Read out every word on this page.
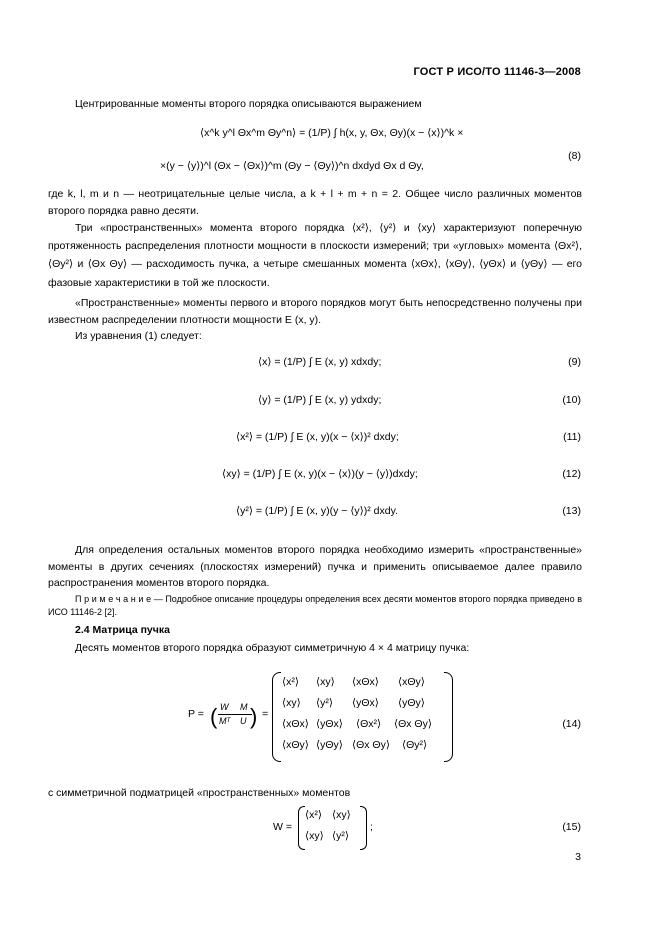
ГОСТ Р ИСО/ТО 11146-3—2008
Центрированные моменты второго порядка описываются выражением
⟨x^k y^l Θx^m Θy^n⟩ = (1/P) ∫ h(x, y, Θx, Θy)(x − ⟨x⟩)^k ×
×(y − ⟨y⟩)^l (Θx − ⟨Θx⟩)^m (Θy − ⟨Θy⟩)^n dxdyd Θx d Θy,
(8)
где k, l, m и n — неотрицательные целые числа, а k + l + m + n = 2. Общее число различных моментов второго порядка равно десяти.
Три «пространственных» момента второго порядка ⟨x²⟩, ⟨y²⟩ и ⟨xy⟩ характеризуют поперечную протяженность распределения плотности мощности в плоскости измерений; три «угловых» момента ⟨Θx²⟩, ⟨Θy²⟩ и ⟨Θx Θy⟩ — расходимость пучка, а четыре смешанных момента ⟨xΘx⟩, ⟨xΘy⟩, ⟨yΘx⟩ и ⟨yΘy⟩ — его фазовые характеристики в той же плоскости.
«Пространственные» моменты первого и второго порядков могут быть непосредственно получены при известном распределении плотности мощности E (x, y).
Из уравнения (1) следует:
⟨x⟩ = (1/P) ∫ E (x, y) xdxdy;	(9)
⟨y⟩ = (1/P) ∫ E (x, y) ydxdy;	(10)
⟨x²⟩ = (1/P) ∫ E (x, y)(x − ⟨x⟩)² dxdy;	(11)
⟨xy⟩ = (1/P) ∫ E (x, y)(x − ⟨x⟩)(y − ⟨y⟩)dxdy;	(12)
⟨y²⟩ = (1/P) ∫ E (x, y)(y − ⟨y⟩)² dxdy.	(13)
Для определения остальных моментов второго порядка необходимо измерить «пространственные» моменты в других сечениях (плоскостях измерений) пучка и применить описываемое далее правило распространения моментов второго порядка.
П р и м е ч а н и е — Подробное описание процедуры определения всех десяти моментов второго порядка приведено в ИСО 11146-2 [2].
2.4 Матрица пучка
Десять моментов второго порядка образуют симметричную 4 × 4 матрицу пучка:
P = ( W M
Mᵀ U ) =
⟨x²⟩ ⟨xy⟩ ⟨xΘx⟩ ⟨xΘy⟩
⟨xy⟩ ⟨y²⟩ ⟨yΘx⟩ ⟨yΘy⟩
⟨xΘx⟩ ⟨yΘx⟩ ⟨Θx²⟩ ⟨Θx Θy⟩
⟨xΘy⟩ ⟨yΘy⟩ ⟨Θx Θy⟩ ⟨Θy²⟩
(14)
с симметричной подматрицей «пространственных» моментов
W =
⟨x²⟩ ⟨xy⟩
⟨xy⟩ ⟨y²⟩
;	(15)
3
